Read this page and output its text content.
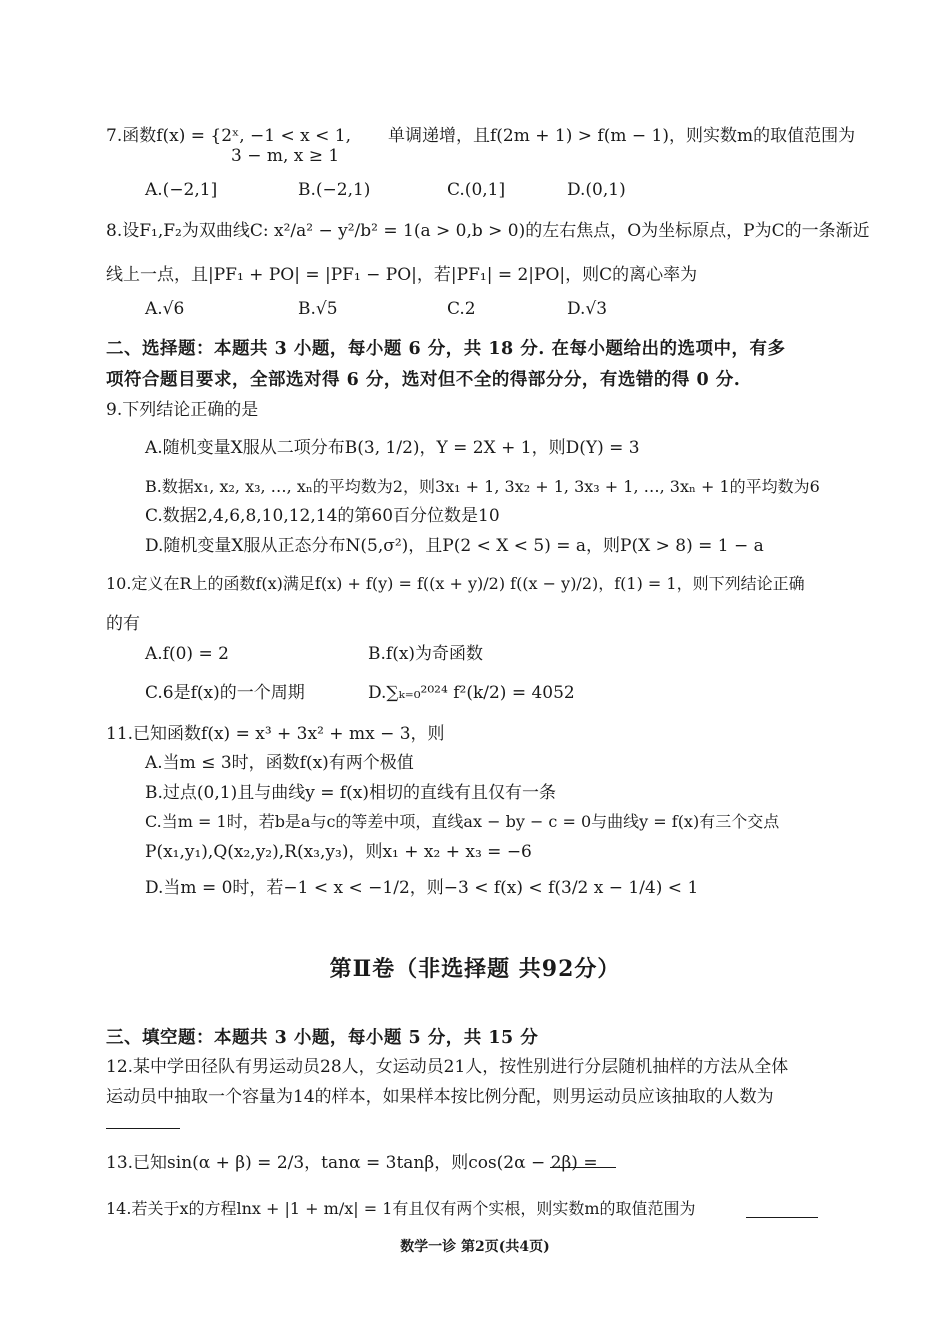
7.函数f(x) = {2ˣ, −1 < x < 1,
3 − m, x ≥ 1
单调递增，且f(2m + 1) > f(m − 1)，则实数m的取值范围为
A.(−2,1]	B.(−2,1)	C.(0,1]	D.(0,1)
8.设F₁,F₂为双曲线C: x²/a² − y²/b² = 1(a > 0,b > 0)的左右焦点，O为坐标原点，P为C的一条渐近
线上一点，且|PF₁ + PO| = |PF₁ − PO|，若|PF₁| = 2|PO|，则C的离心率为
A.√6	B.√5	C.2	D.√3
二、选择题：本题共 3 小题，每小题 6 分，共 18 分. 在每小题给出的选项中，有多
项符合题目要求，全部选对得 6 分，选对但不全的得部分分，有选错的得 0 分.
9.下列结论正确的是
A.随机变量X服从二项分布B(3, 1/2)，Y = 2X + 1，则D(Y) = 3
B.数据x₁, x₂, x₃, …, xₙ的平均数为2，则3x₁ + 1, 3x₂ + 1, 3x₃ + 1, …, 3xₙ + 1的平均数为6
C.数据2,4,6,8,10,12,14的第60百分位数是10
D.随机变量X服从正态分布N(5,σ²)，且P(2 < X < 5) = a，则P(X > 8) = 1 − a
10.定义在R上的函数f(x)满足f(x) + f(y) = f((x + y)/2) f((x − y)/2)，f(1) = 1，则下列结论正确
的有
A.f(0) = 2	B.f(x)为奇函数
C.6是f(x)的一个周期	D.∑ₖ₌₀²⁰²⁴ f²(k/2) = 4052
11.已知函数f(x) = x³ + 3x² + mx − 3，则
A.当m ≤ 3时，函数f(x)有两个极值
B.过点(0,1)且与曲线y = f(x)相切的直线有且仅有一条
C.当m = 1时，若b是a与c的等差中项，直线ax − by − c = 0与曲线y = f(x)有三个交点
P(x₁,y₁),Q(x₂,y₂),R(x₃,y₃)，则x₁ + x₂ + x₃ = −6
D.当m = 0时，若−1 < x < −1/2，则−3 < f(x) < f(3/2 x − 1/4) < 1
第Ⅱ卷（非选择题 共92分）
三、填空题：本题共 3 小题，每小题 5 分，共 15 分
12.某中学田径队有男运动员28人，女运动员21人，按性别进行分层随机抽样的方法从全体
运动员中抽取一个容量为14的样本，如果样本按比例分配，则男运动员应该抽取的人数为
13.已知sin(α + β) = 2/3，tanα = 3tanβ，则cos(2α − 2β) =
14.若关于x的方程lnx + |1 + m/x| = 1有且仅有两个实根，则实数m的取值范围为
数学一诊 第2页(共4页)
